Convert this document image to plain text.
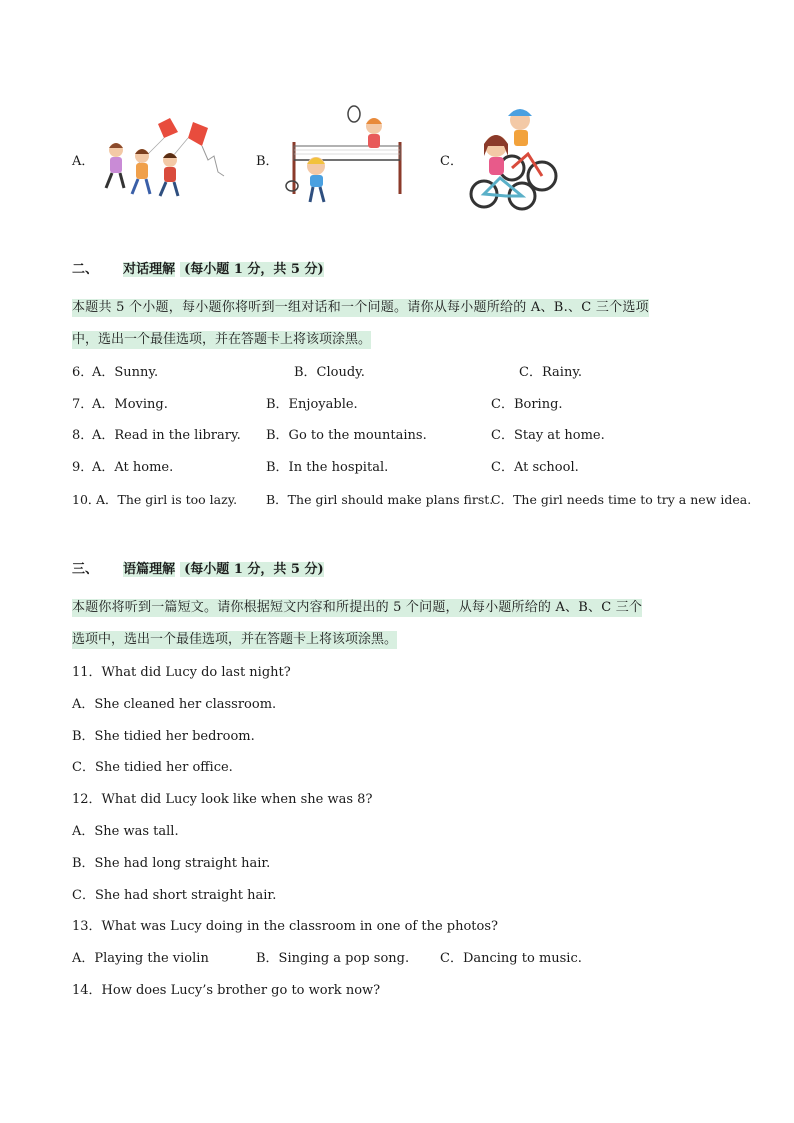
A．	B．	C．
二、 对话理解 (每小题 1 分，共 5 分)
本题共 5 个小题，每小题你将听到一组对话和一个问题。请你从每小题所给的 A、B.、C 三个选项
中，选出一个最佳选项，并在答题卡上将该项涂黑。
6．
A．Sunny.	B．Cloudy.	C．Rainy.
7．
A．Moving.	B．Enjoyable.	C．Boring.
8．
A．Read in the library. B．Go to the mountains.	C．Stay at home.
9．
A．At home.	B．In the hospital.	C．At school.
10．
A．The girl is too lazy. B．The girl should make plans first.
C．The girl needs time to try a new idea.
三、 语篇理解 (每小题 1 分，共 5 分)
本题你将听到一篇短文。请你根据短文内容和所提出的 5 个问题，从每小题所给的 A、B、C 三个
选项中，选出一个最佳选项，并在答题卡上将该项涂黑。
11．What did Lucy do last night?
A．She cleaned her classroom.
B．She tidied her bedroom.
C．She tidied her office.
12．What did Lucy look like when she was 8?
A．She was tall.
B．She had long straight hair.
C．She had short straight hair.
13．What was Lucy doing in the classroom in one of the photos?
A．Playing the violin	B．Singing a pop song. C．Dancing to music.
14．How does Lucy’s brother go to work now?
